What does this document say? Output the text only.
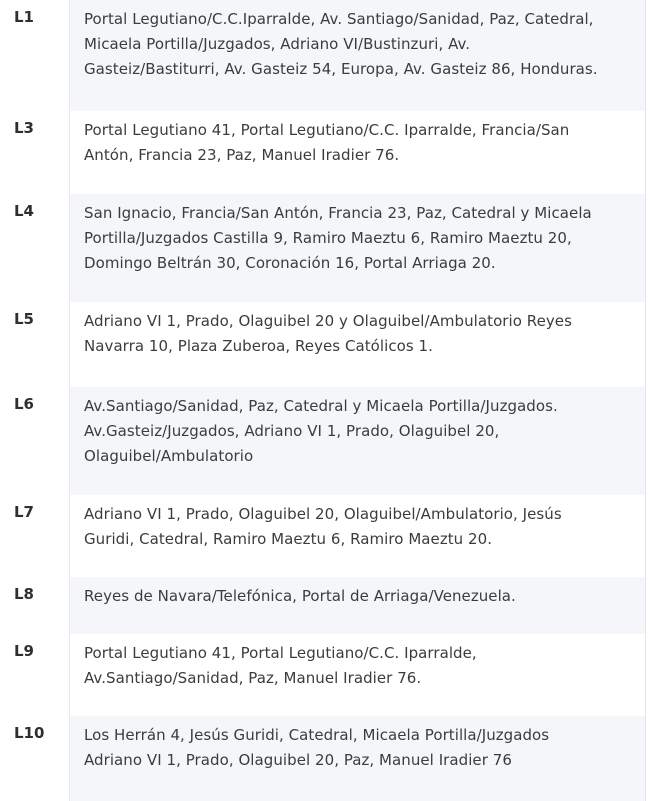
L1	Portal Legutiano/C.C.Iparralde, Av. Santiago/Sanidad, Paz, Catedral,
Micaela Portilla/Juzgados, Adriano VI/Bustinzuri, Av.
Gasteiz/Bastiturri, Av. Gasteiz 54, Europa, Av. Gasteiz 86, Honduras.
L3	Portal Legutiano 41, Portal Legutiano/C.C. Iparralde, Francia/San
Antón, Francia 23, Paz, Manuel Iradier 76.
L4	San Ignacio, Francia/San Antón, Francia 23, Paz, Catedral y Micaela
Portilla/Juzgados Castilla 9, Ramiro Maeztu 6, Ramiro Maeztu 20,
Domingo Beltrán 30, Coronación 16, Portal Arriaga 20.
L5	Adriano VI 1, Prado, Olaguibel 20 y Olaguibel/Ambulatorio Reyes
Navarra 10, Plaza Zuberoa, Reyes Católicos 1.
L6	Av.Santiago/Sanidad, Paz, Catedral y Micaela Portilla/Juzgados.
Av.Gasteiz/Juzgados, Adriano VI 1, Prado, Olaguibel 20,
Olaguibel/Ambulatorio
L7	Adriano VI 1, Prado, Olaguibel 20, Olaguibel/Ambulatorio, Jesús
Guridi, Catedral, Ramiro Maeztu 6, Ramiro Maeztu 20.
L8	Reyes de Navara/Telefónica, Portal de Arriaga/Venezuela.
L9	Portal Legutiano 41, Portal Legutiano/C.C. Iparralde,
Av.Santiago/Sanidad, Paz, Manuel Iradier 76.
L10	Los Herrán 4, Jesús Guridi, Catedral, Micaela Portilla/Juzgados
Adriano VI 1, Prado, Olaguibel 20, Paz, Manuel Iradier 76
